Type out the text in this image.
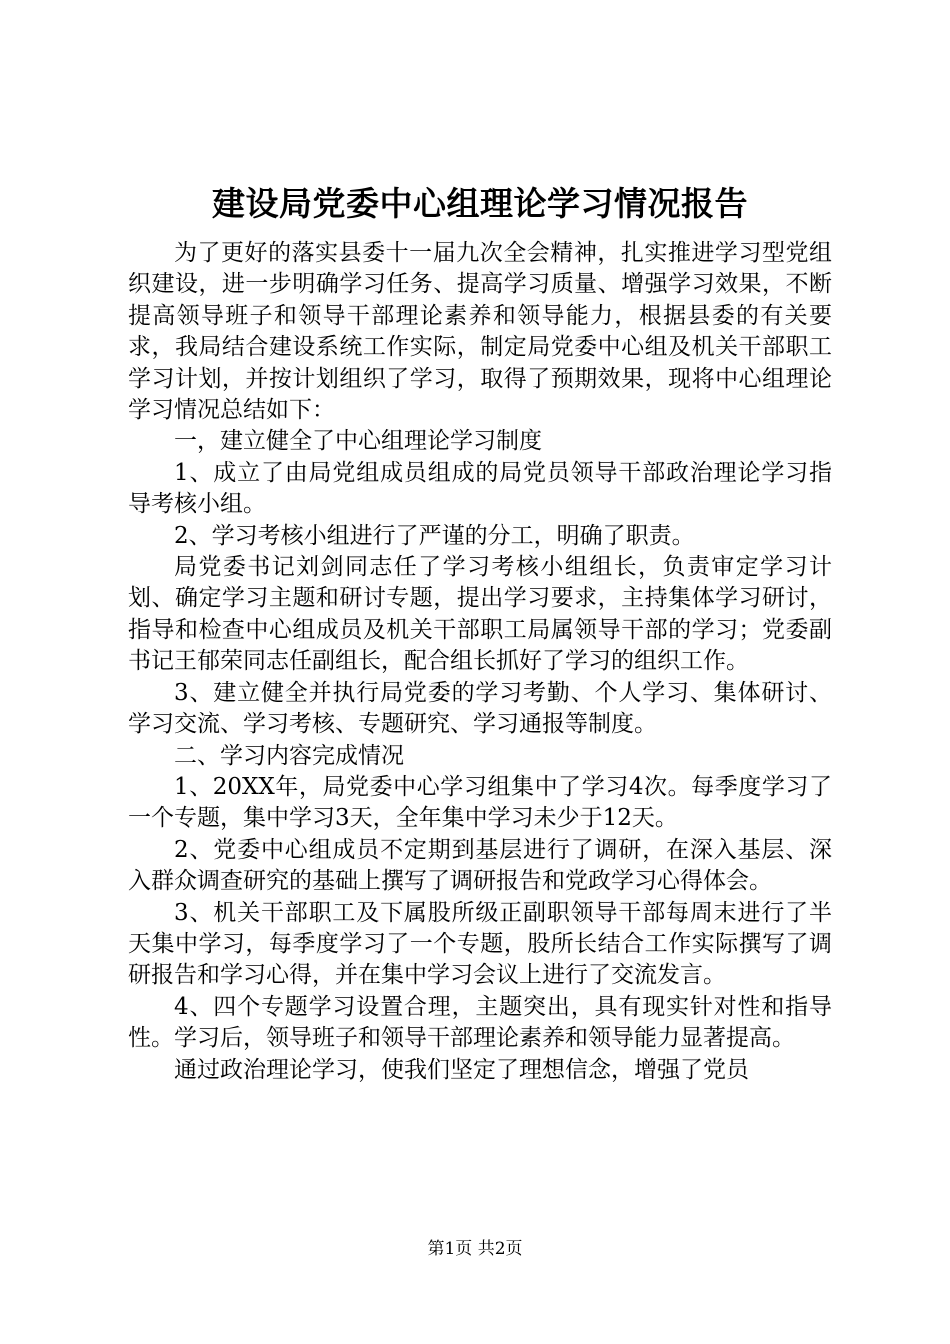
建设局党委中心组理论学习情况报告

为了更好的落实县委十一届九次全会精神，扎实推进学习型党组织建设，进一步明确学习任务、提高学习质量、增强学习效果，不断提高领导班子和领导干部理论素养和领导能力，根据县委的有关要求，我局结合建设系统工作实际，制定局党委中心组及机关干部职工学习计划，并按计划组织了学习，取得了预期效果，现将中心组理论学习情况总结如下：

一，建立健全了中心组理论学习制度

1、成立了由局党组成员组成的局党员领导干部政治理论学习指导考核小组。

2、学习考核小组进行了严谨的分工，明确了职责。

局党委书记刘剑同志任了学习考核小组组长，负责审定学习计划、确定学习主题和研讨专题，提出学习要求，主持集体学习研讨，指导和检查中心组成员及机关干部职工局属领导干部的学习；党委副书记王郁荣同志任副组长，配合组长抓好了学习的组织工作。

3、建立健全并执行局党委的学习考勤、个人学习、集体研讨、学习交流、学习考核、专题研究、学习通报等制度。

二、学习内容完成情况

1、20XX年，局党委中心学习组集中了学习4次。每季度学习了一个专题，集中学习3天，全年集中学习未少于12天。

2、党委中心组成员不定期到基层进行了调研，在深入基层、深入群众调查研究的基础上撰写了调研报告和党政学习心得体会。

3、机关干部职工及下属股所级正副职领导干部每周末进行了半天集中学习，每季度学习了一个专题，股所长结合工作实际撰写了调研报告和学习心得，并在集中学习会议上进行了交流发言。

4、四个专题学习设置合理，主题突出，具有现实针对性和指导性。学习后，领导班子和领导干部理论素养和领导能力显著提高。

通过政治理论学习，使我们坚定了理想信念，增强了党员

第1页 共2页
